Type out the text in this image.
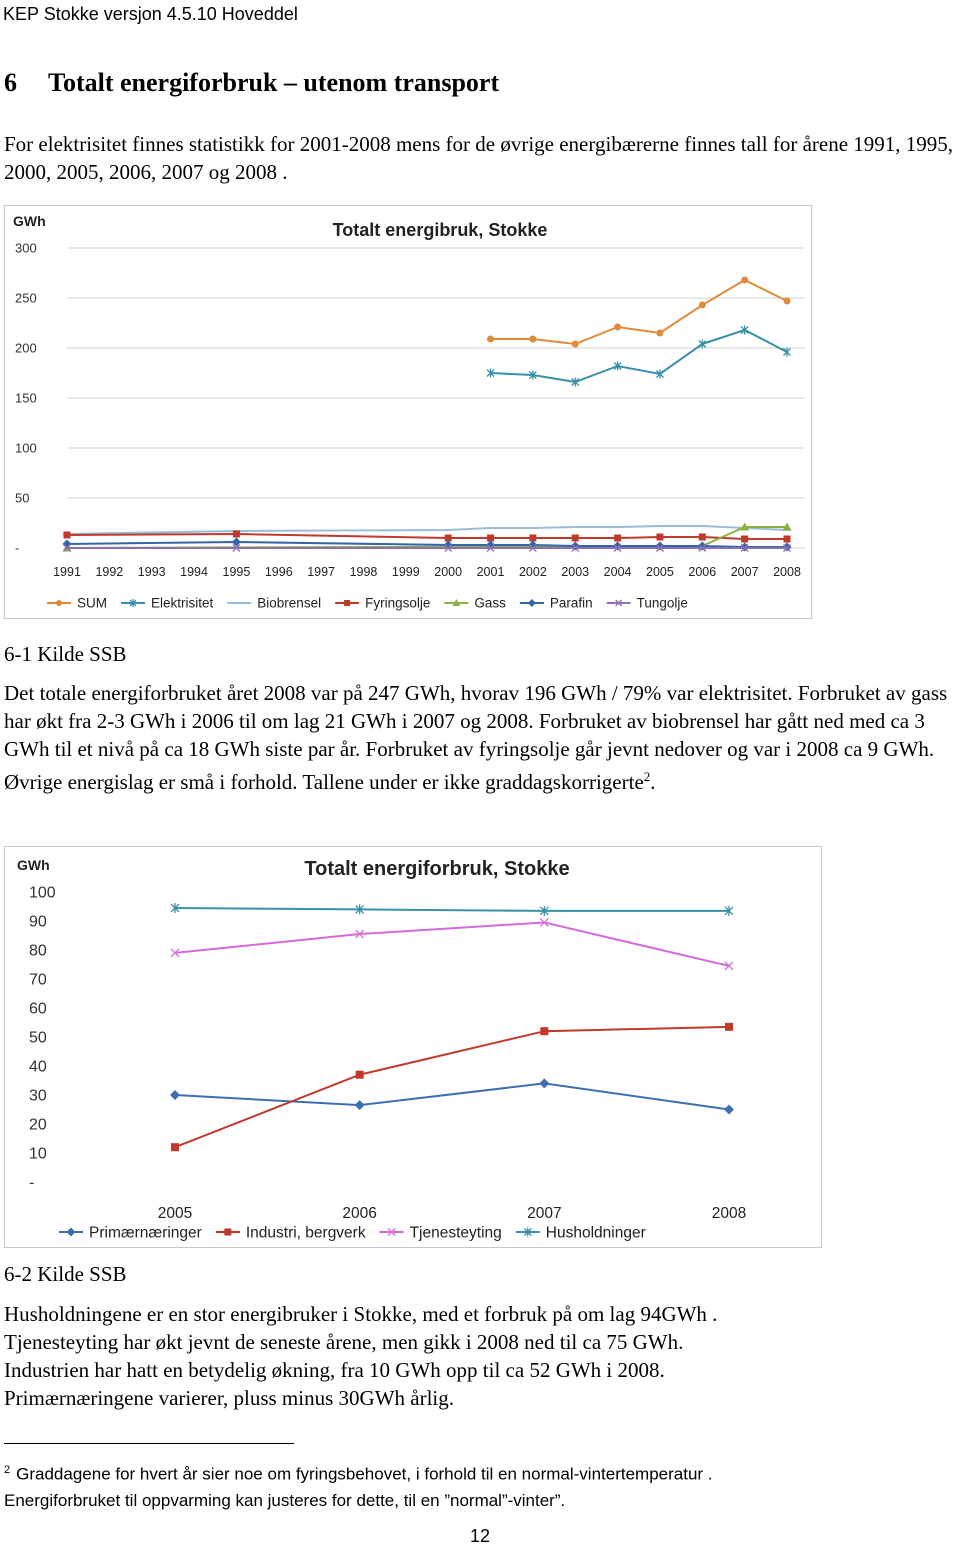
KEP Stokke versjon 4.5.10 Hoveddel
6 Totalt energiforbruk – utenom transport

For elektrisitet finnes statistikk for 2001-2008 mens for de øvrige energibærerne finnes tall for årene 1991, 1995, 2000, 2005, 2006, 2007 og 2008 .

Totalt energibruk, Stokke
GWh
-
50
100
150
200
250
300
1991 1992 1993 1994 1995 1996 1997 1998 1999 2000 2001 2002 2003 2004 2005 2006 2007 2008
SUM	Elektrisitet	Biobrensel	Fyringsolje	Gass	Parafin	Tungolje

6-1 Kilde SSB

Det totale energiforbruket året 2008 var på 247 GWh, hvorav 196 GWh / 79% var elektrisitet. Forbruket av gass har økt fra 2-3 GWh i 2006 til om lag 21 GWh i 2007 og 2008. Forbruket av biobrensel har gått ned med ca 3 GWh til et nivå på ca 18 GWh siste par år. Forbruket av fyringsolje går jevnt nedover og var i 2008 ca 9 GWh. Øvrige energislag er små i forhold. Tallene under er ikke graddagskorrigerte$^2$.

Totalt energiforbruk, Stokke
GWh
-
10
20
30
40
50
60
70
80
90
100
2005	2006	2007	2008
Primærnæringer	Industri, bergverk	Tjenesteyting	Husholdninger

6-2 Kilde SSB

Husholdningene er en stor energibruker i Stokke, med et forbruk på om lag 94GWh .

Tjenesteyting har økt jevnt de seneste årene, men gikk i 2008 ned til ca 75 GWh.

Industrien har hatt en betydelig økning, fra 10 GWh opp til ca 52 GWh i 2008.

Primærnæringene varierer, pluss minus 30GWh årlig.

$^2$ Graddagene for hvert år sier noe om fyringsbehovet, i forhold til en normal-vintertemperatur .
Energiforbruket til oppvarming kan justeres for dette, til en ”normal”-vinter”.
12
